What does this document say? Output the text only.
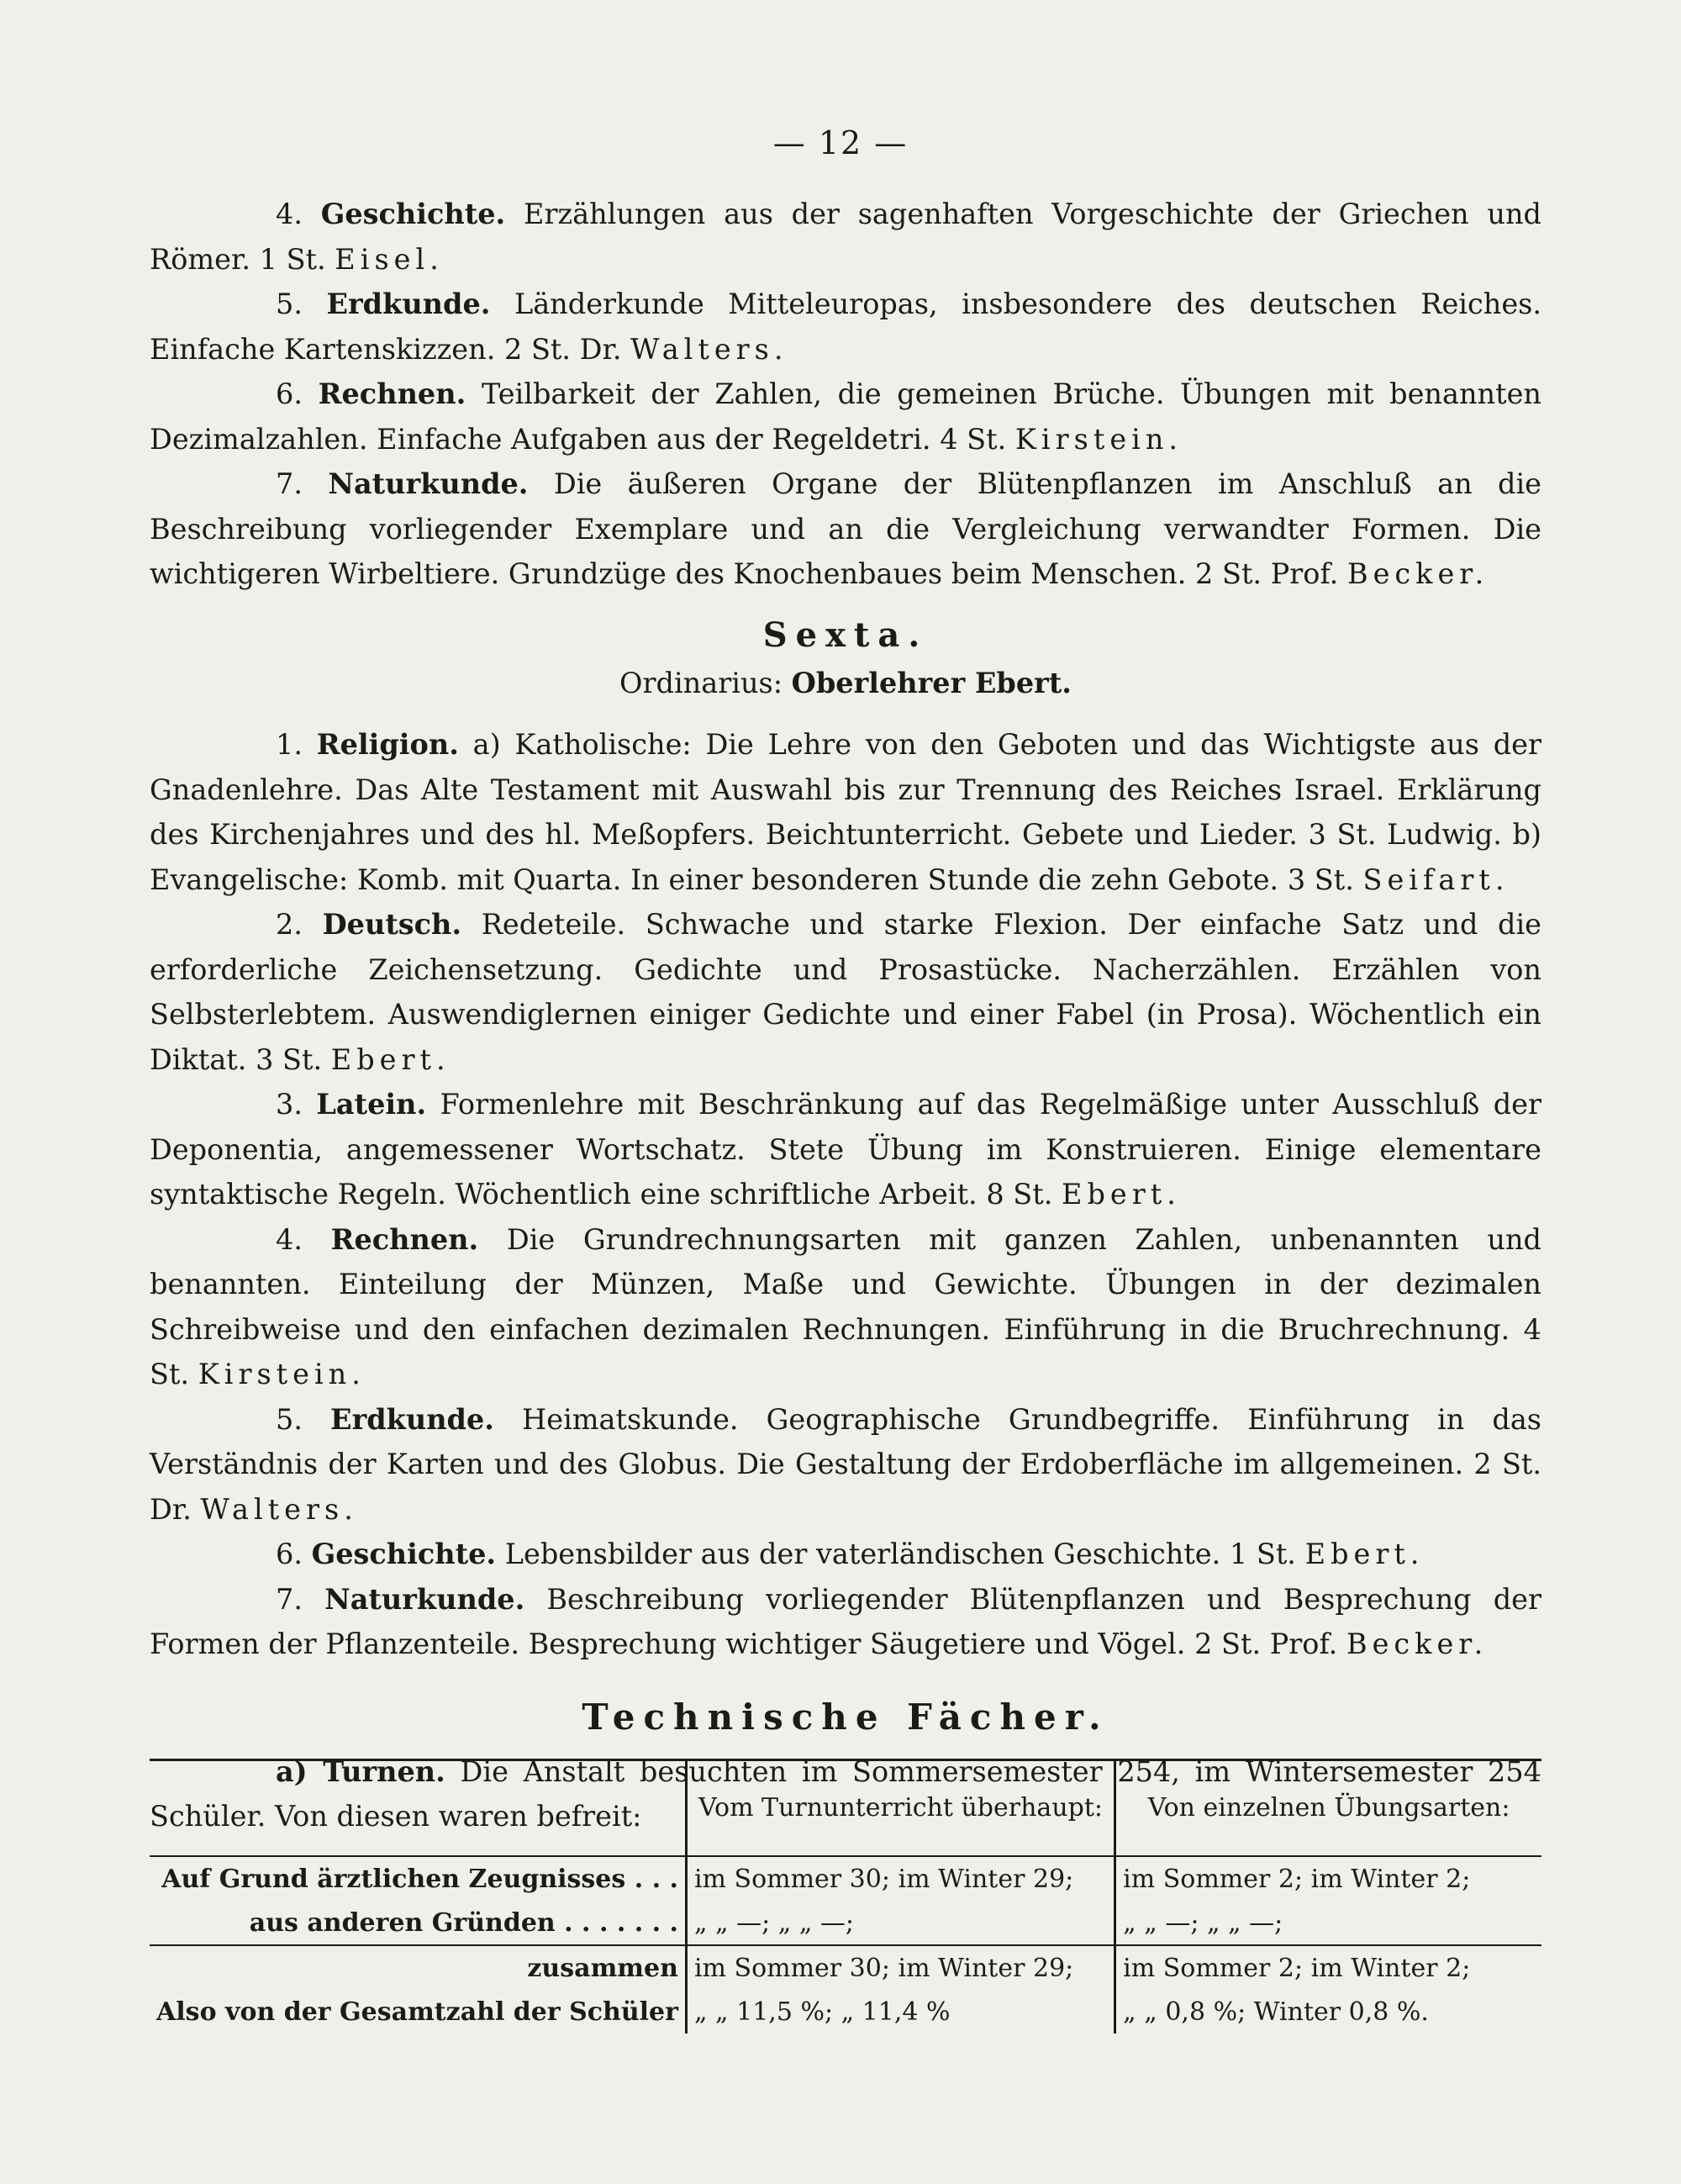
— 12 —

4. Geschichte. Erzählungen aus der sagenhaften Vorgeschichte der Griechen und Römer. 1 St. Eisel.

5. Erdkunde. Länderkunde Mitteleuropas, insbesondere des deutschen Reiches. Einfache Kartenskizzen. 2 St. Dr. Walters.

6. Rechnen. Teilbarkeit der Zahlen, die gemeinen Brüche. Übungen mit benannten Dezimalzahlen. Einfache Aufgaben aus der Regeldetri. 4 St. Kirstein.

7. Naturkunde. Die äußeren Organe der Blütenpflanzen im Anschluß an die Beschreibung vorliegender Exemplare und an die Vergleichung verwandter Formen. Die wichtigeren Wirbeltiere. Grundzüge des Knochenbaues beim Menschen. 2 St. Prof. Becker.

Sexta.
Ordinarius: Oberlehrer Ebert.

1. Religion. a) Katholische: Die Lehre von den Geboten und das Wichtigste aus der Gnadenlehre. Das Alte Testament mit Auswahl bis zur Trennung des Reiches Israel. Erklärung des Kirchenjahres und des hl. Meßopfers. Beichtunterricht. Gebete und Lieder. 3 St. Ludwig. b) Evangelische: Komb. mit Quarta. In einer besonderen Stunde die zehn Gebote. 3 St. Seifart.

2. Deutsch. Redeteile. Schwache und starke Flexion. Der einfache Satz und die erforderliche Zeichensetzung. Gedichte und Prosastücke. Nacherzählen. Erzählen von Selbsterlebtem. Auswendiglernen einiger Gedichte und einer Fabel (in Prosa). Wöchentlich ein Diktat. 3 St. Ebert.

3. Latein. Formenlehre mit Beschränkung auf das Regelmäßige unter Ausschluß der Deponentia, angemessener Wortschatz. Stete Übung im Konstruieren. Einige elementare syntaktische Regeln. Wöchentlich eine schriftliche Arbeit. 8 St. Ebert.

4. Rechnen. Die Grundrechnungsarten mit ganzen Zahlen, unbenannten und benannten. Einteilung der Münzen, Maße und Gewichte. Übungen in der dezimalen Schreibweise und den einfachen dezimalen Rechnungen. Einführung in die Bruchrechnung. 4 St. Kirstein.

5. Erdkunde. Heimatskunde. Geographische Grundbegriffe. Einführung in das Verständnis der Karten und des Globus. Die Gestaltung der Erdoberfläche im allgemeinen. 2 St. Dr. Walters.

6. Geschichte. Lebensbilder aus der vaterländischen Geschichte. 1 St. Ebert.

7. Naturkunde. Beschreibung vorliegender Blütenpflanzen und Besprechung der Formen der Pflanzenteile. Besprechung wichtiger Säugetiere und Vögel. 2 St. Prof. Becker.

Technische Fächer.

a) Turnen. Die Anstalt besuchten im Sommersemester 254, im Wintersemester 254 Schüler. Von diesen waren befreit:

		Vom Turnunterricht überhaupt:	Von einzelnen Übungsarten:
Auf Grund ärztlichen Zeugnisses . . .	im Sommer 30; im Winter 29;	im Sommer 2; im Winter 2;
aus anderen Gründen . . . . . . .	„ „ —; „ „ —;	„ „ —; „ „ —;
zusammen	im Sommer 30; im Winter 29;	im Sommer 2; im Winter 2;
Also von der Gesamtzahl der Schüler	„ „ 11,5 %; „ 11,4 %	„ „ 0,8 %; Winter 0,8 %.
